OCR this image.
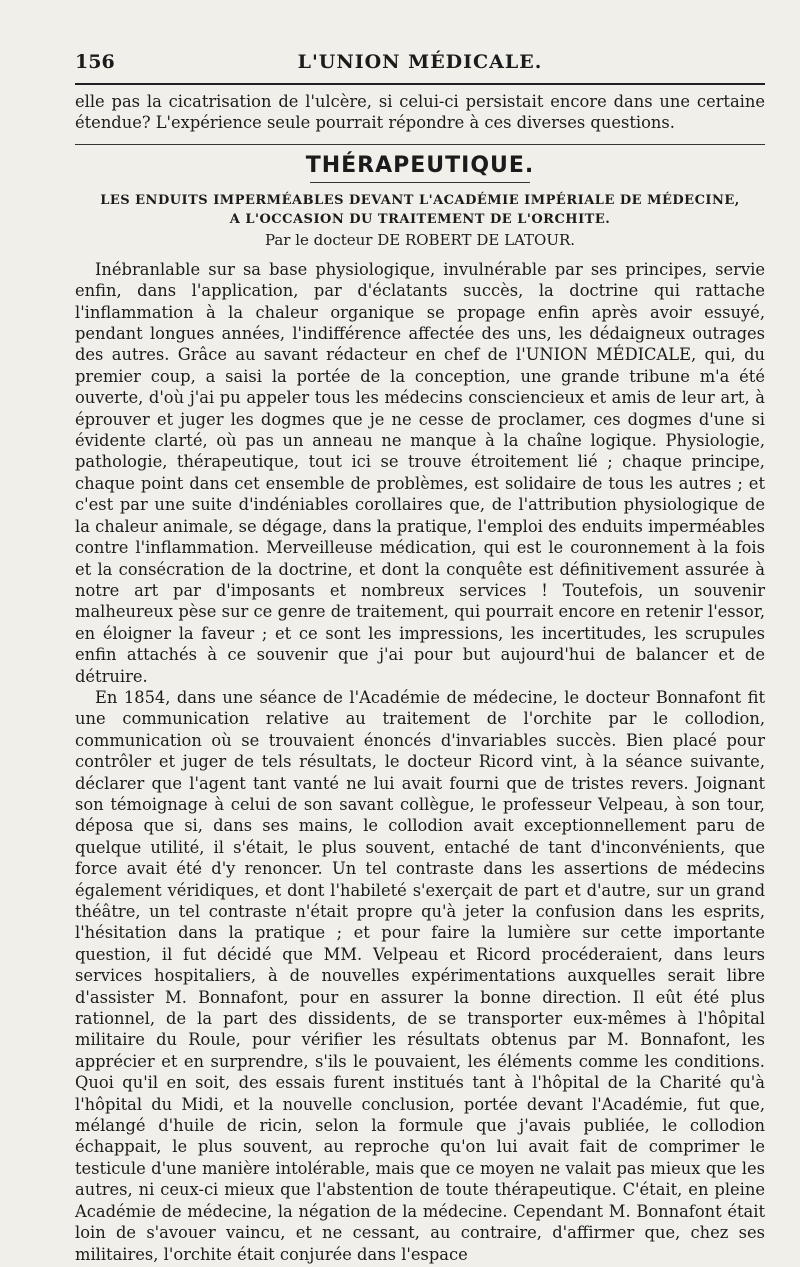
156	L'UNION MÉDICALE.

elle pas la cicatrisation de l'ulcère, si celui-ci persistait encore dans une certaine étendue? L'expérience seule pourrait répondre à ces diverses questions.

THÉRAPEUTIQUE.
LES ENDUITS IMPERMÉABLES DEVANT L'ACADÉMIE IMPÉRIALE DE MÉDECINE,
A L'OCCASION DU TRAITEMENT DE L'ORCHITE.
Par le docteur DE ROBERT DE LATOUR.

Inébranlable sur sa base physiologique, invulnérable par ses principes, servie enfin, dans l'application, par d'éclatants succès, la doctrine qui rattache l'inflammation à la chaleur organique se propage enfin après avoir essuyé, pendant longues années, l'indifférence affectée des uns, les dédaigneux outrages des autres. Grâce au savant rédacteur en chef de l'UNION MÉDICALE, qui, du premier coup, a saisi la portée de la conception, une grande tribune m'a été ouverte, d'où j'ai pu appeler tous les médecins consciencieux et amis de leur art, à éprouver et juger les dogmes que je ne cesse de proclamer, ces dogmes d'une si évidente clarté, où pas un anneau ne manque à la chaîne logique. Physiologie, pathologie, thérapeutique, tout ici se trouve étroitement lié ; chaque principe, chaque point dans cet ensemble de problèmes, est solidaire de tous les autres ; et c'est par une suite d'indéniables corollaires que, de l'attribution physiologique de la chaleur animale, se dégage, dans la pratique, l'emploi des enduits imperméables contre l'inflammation. Merveilleuse médication, qui est le couronnement à la fois et la consécration de la doctrine, et dont la conquête est définitivement assurée à notre art par d'imposants et nombreux services ! Toutefois, un souvenir malheureux pèse sur ce genre de traitement, qui pourrait encore en retenir l'essor, en éloigner la faveur ; et ce sont les impressions, les incertitudes, les scrupules enfin attachés à ce souvenir que j'ai pour but aujourd'hui de balancer et de détruire.

En 1854, dans une séance de l'Académie de médecine, le docteur Bonnafont fit une communication relative au traitement de l'orchite par le collodion, communication où se trouvaient énoncés d'invariables succès. Bien placé pour contrôler et juger de tels résultats, le docteur Ricord vint, à la séance suivante, déclarer que l'agent tant vanté ne lui avait fourni que de tristes revers. Joignant son témoignage à celui de son savant collègue, le professeur Velpeau, à son tour, déposa que si, dans ses mains, le collodion avait exceptionnellement paru de quelque utilité, il s'était, le plus souvent, entaché de tant d'inconvénients, que force avait été d'y renoncer. Un tel contraste dans les assertions de médecins également véridiques, et dont l'habileté s'exerçait de part et d'autre, sur un grand théâtre, un tel contraste n'était propre qu'à jeter la confusion dans les esprits, l'hésitation dans la pratique ; et pour faire la lumière sur cette importante question, il fut décidé que MM. Velpeau et Ricord procéderaient, dans leurs services hospitaliers, à de nouvelles expérimentations auxquelles serait libre d'assister M. Bonnafont, pour en assurer la bonne direction. Il eût été plus rationnel, de la part des dissidents, de se transporter eux-mêmes à l'hôpital militaire du Roule, pour vérifier les résultats obtenus par M. Bonnafont, les apprécier et en surprendre, s'ils le pouvaient, les éléments comme les conditions. Quoi qu'il en soit, des essais furent institués tant à l'hôpital de la Charité qu'à l'hôpital du Midi, et la nouvelle conclusion, portée devant l'Académie, fut que, mélangé d'huile de ricin, selon la formule que j'avais publiée, le collodion échappait, le plus souvent, au reproche qu'on lui avait fait de comprimer le testicule d'une manière intolérable, mais que ce moyen ne valait pas mieux que les autres, ni ceux-ci mieux que l'abstention de toute thérapeutique. C'était, en pleine Académie de médecine, la négation de la médecine. Cependant M. Bonnafont était loin de s'avouer vaincu, et ne cessant, au contraire, d'affirmer que, chez ses militaires, l'orchite était conjurée dans l'espace
